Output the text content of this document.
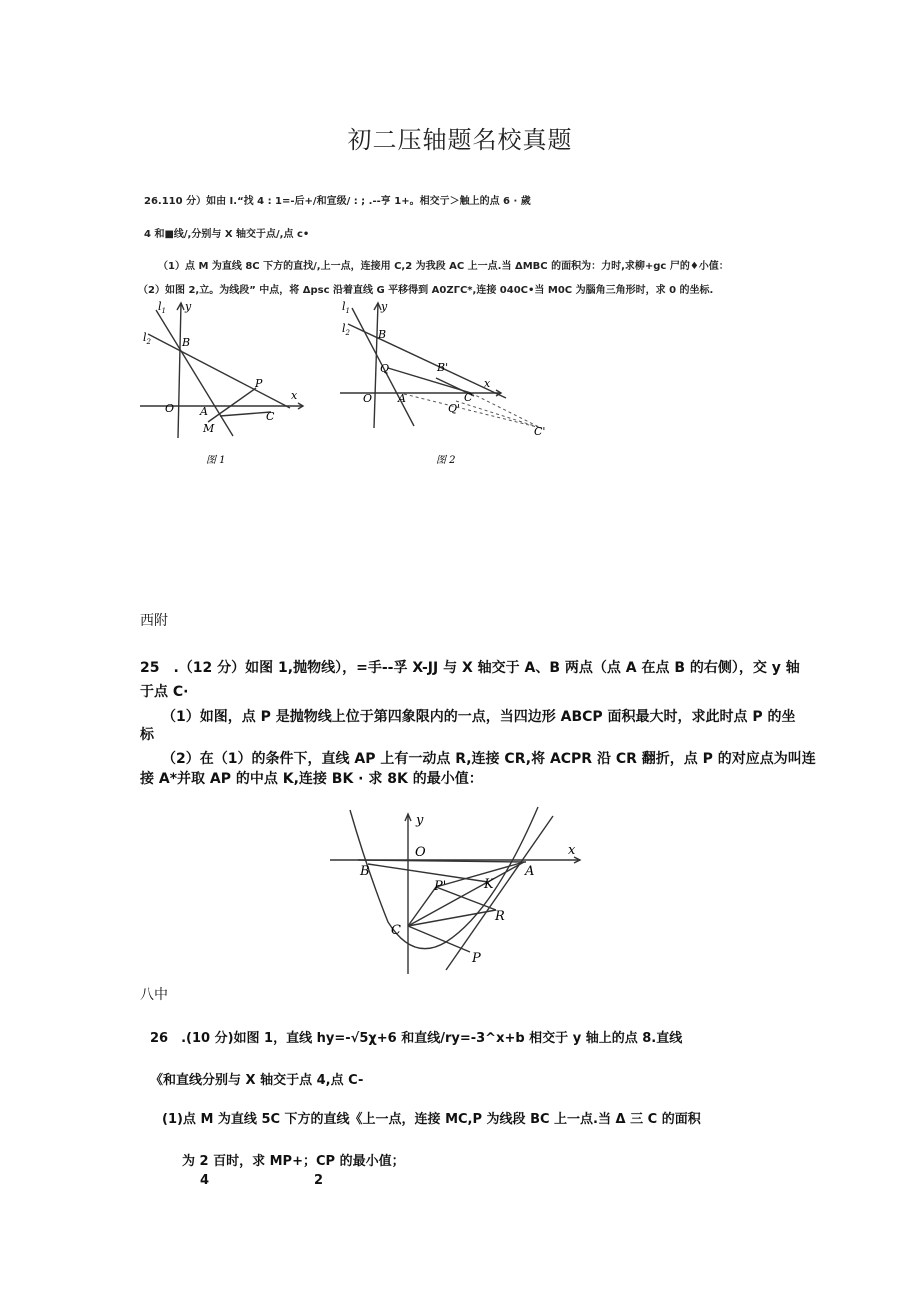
初二压轴题名校真题
26.110 分）如由 I.“找 4 : 1=-后+/和宣级/ : ; .--亨 1+。相交亍＞触上的点 6 · 歲
4 和■线/,分别与 X 轴交于点/,点 c•
（1）点 M 为直线 8C 下方的直找/,上一点，连接用 C,2 为我段 AC 上一点.当 ΔMBC 的面积为：力时,求柳+gc 尸的♦小值：
（2）如图 2,立。为线段” 中点，将 Δpsc 沿着直线 G 平移得到 A0ZΓC*,连接 040C•当 M0C 为腦角三角形时，求 0 的坐标.
$l_1$
$l_2$
y
x
B
O A
M
P
C
图 1
$l_1$
$l_2$
y
x
B
Q	B'
O A	C
Q'
C'
图 2
西附
25　.（12 分）如图 1,抛物线），=手--孚 X-JJ 与 X 轴交于 A、B 两点（点 A 在点 B 的右侧），交 y 轴
于点 C·
（1）如图，点 P 是抛物线上位于第四象限内的一点，当四边形 ABCP 面积最大时，求此时点 P 的坐
标
（2）在（1）的条件下，直线 AP 上有一动点 R,连接 CR,将 ACPR 沿 CR 翻折，点 P 的对应点为叫连
接 A*并取 AP 的中点 K,连接 BK · 求 8K 的最小值：
y
O	x
B	A
P'	K
R
C
P
八中
26　.(10 分)如图 1，直线 hy=-√5χ+6 和直线/ry=-3^x+b 相交于 y 轴上的点 8.直线
《和直线分别与 X 轴交于点 4,点 C-
(1)点 M 为直线 5C 下方的直线《上一点，连接 MC,P 为线段 BC 上一点.当 Δ 三 C 的面积
为 2 百时，求 MP+；CP 的最小值；
4	2
